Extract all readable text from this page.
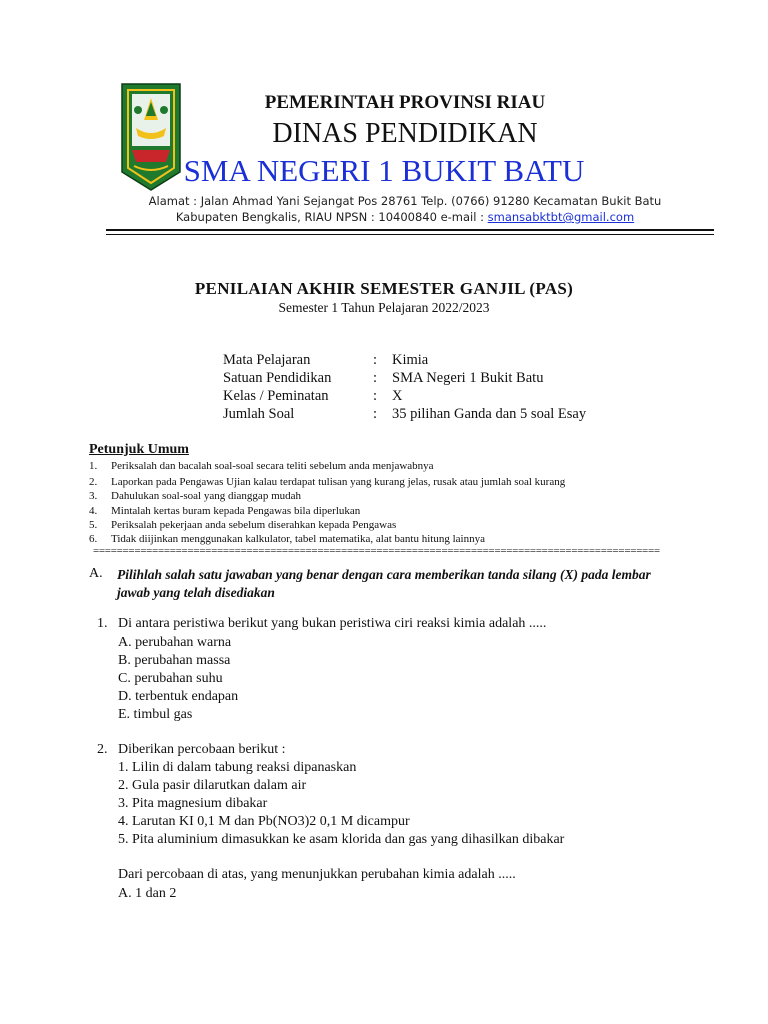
PEMERINTAH PROVINSI RIAU
DINAS PENDIDIKAN
SMA NEGERI 1 BUKIT BATU
Alamat : Jalan Ahmad Yani Sejangat Pos 28761 Telp. (0766) 91280 Kecamatan Bukit Batu
Kabupaten Bengkalis, RIAU NPSN : 10400840 e-mail : smansabktbt@gmail.com
PENILAIAN AKHIR SEMESTER GANJIL (PAS)
Semester 1 Tahun Pelajaran 2022/2023
Mata Pelajaran	: Kimia
Satuan Pendidikan	: SMA Negeri 1 Bukit Batu
Kelas / Peminatan	: X
Jumlah Soal	: 35 pilihan Ganda dan 5 soal Esay
Petunjuk Umum
1. Periksalah dan bacalah soal-soal secara teliti sebelum anda menjawabnya
2. Laporkan pada Pengawas Ujian kalau terdapat tulisan yang kurang jelas, rusak atau jumlah soal kurang
3. Dahulukan soal-soal yang dianggap mudah
4. Mintalah kertas buram kepada Pengawas bila diperlukan
5. Periksalah pekerjaan anda sebelum diserahkan kepada Pengawas
6. Tidak diijinkan menggunakan kalkulator, tabel matematika, alat bantu hitung lainnya
================================================================================================
A. Pilihlah salah satu jawaban yang benar dengan cara memberikan tanda silang (X) pada lembar jawab yang telah disediakan
1. Di antara peristiwa berikut yang bukan peristiwa ciri reaksi kimia adalah .....
A. perubahan warna
B. perubahan massa
C. perubahan suhu
D. terbentuk endapan
E. timbul gas
2. Diberikan percobaan berikut :
1. Lilin di dalam tabung reaksi dipanaskan
2. Gula pasir dilarutkan dalam air
3. Pita magnesium dibakar
4. Larutan KI 0,1 M dan Pb(NO3)2 0,1 M dicampur
5. Pita aluminium dimasukkan ke asam klorida dan gas yang dihasilkan dibakar
Dari percobaan di atas, yang menunjukkan perubahan kimia adalah .....
A. 1 dan 2
